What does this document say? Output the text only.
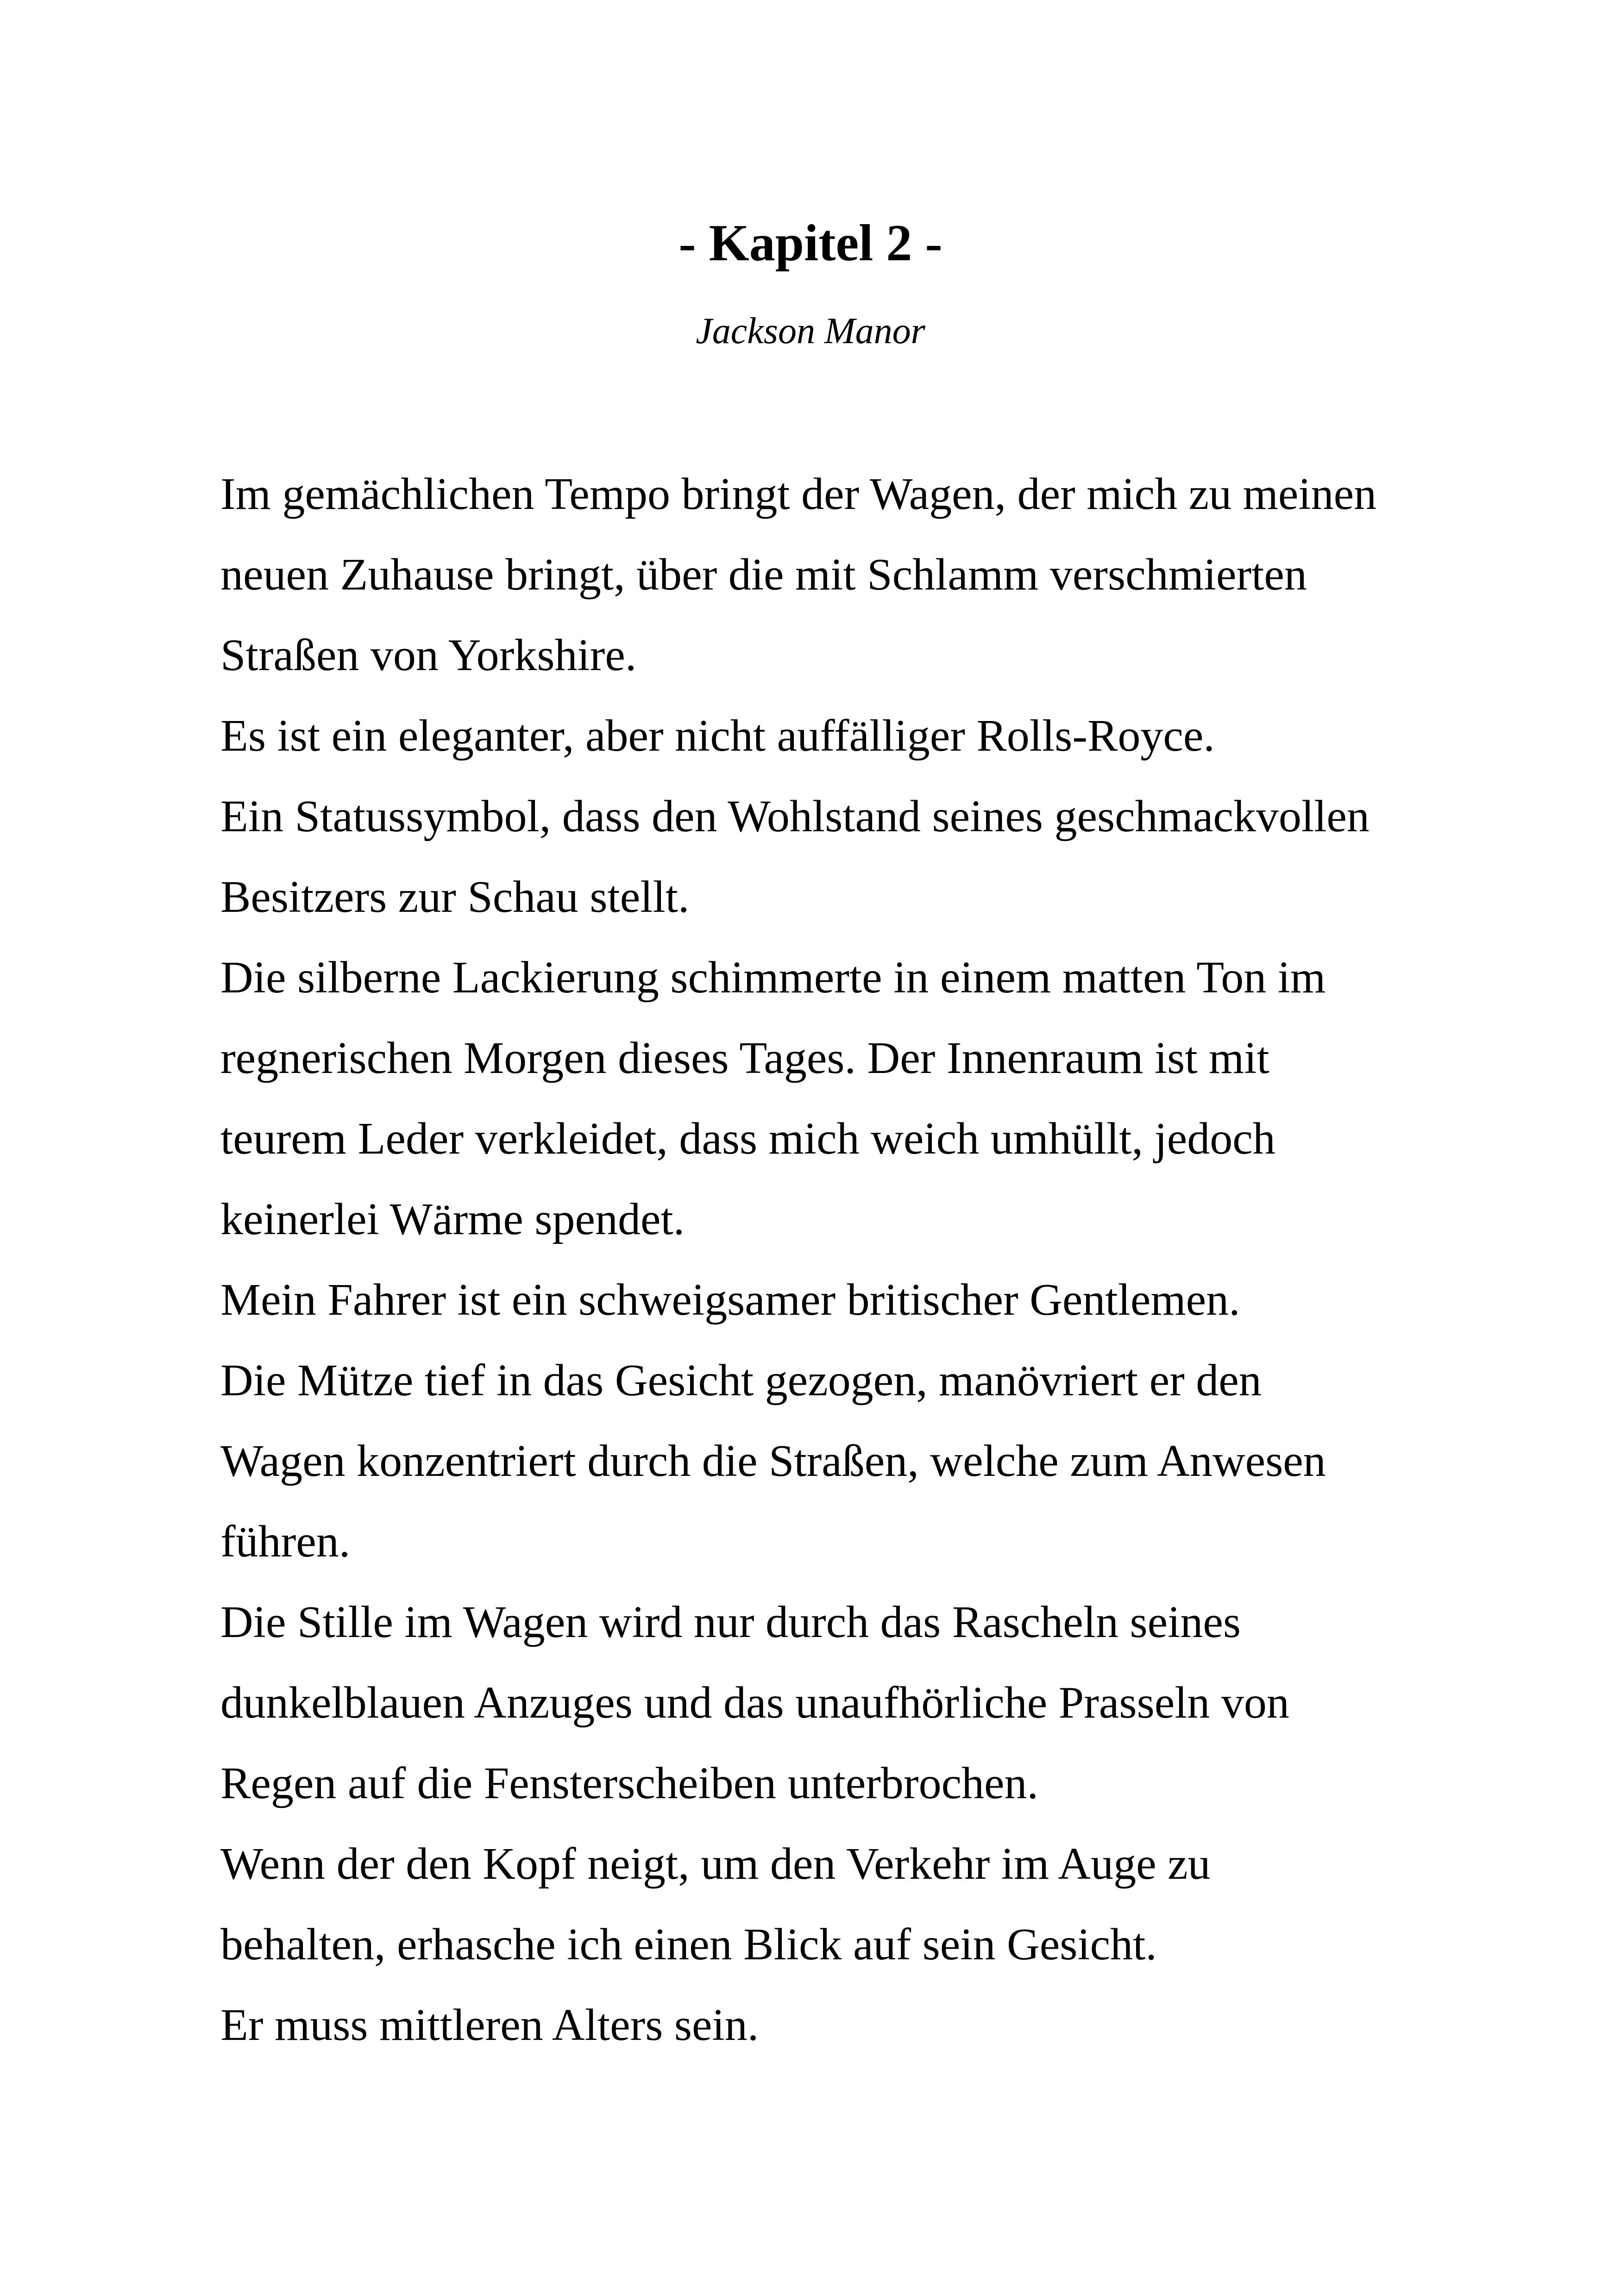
- Kapitel 2 -
Jackson Manor

Im gemächlichen Tempo bringt der Wagen, der mich zu meinen

neuen Zuhause bringt, über die mit Schlamm verschmierten

Straßen von Yorkshire.

Es ist ein eleganter, aber nicht auffälliger Rolls-Royce.

Ein Statussymbol, dass den Wohlstand seines geschmackvollen

Besitzers zur Schau stellt.

Die silberne Lackierung schimmerte in einem matten Ton im

regnerischen Morgen dieses Tages. Der Innenraum ist mit

teurem Leder verkleidet, dass mich weich umhüllt, jedoch

keinerlei Wärme spendet.

Mein Fahrer ist ein schweigsamer britischer Gentlemen.

Die Mütze tief in das Gesicht gezogen, manövriert er den

Wagen konzentriert durch die Straßen, welche zum Anwesen

führen.

Die Stille im Wagen wird nur durch das Rascheln seines

dunkelblauen Anzuges und das unaufhörliche Prasseln von

Regen auf die Fensterscheiben unterbrochen.

Wenn der den Kopf neigt, um den Verkehr im Auge zu

behalten, erhasche ich einen Blick auf sein Gesicht.

Er muss mittleren Alters sein.
